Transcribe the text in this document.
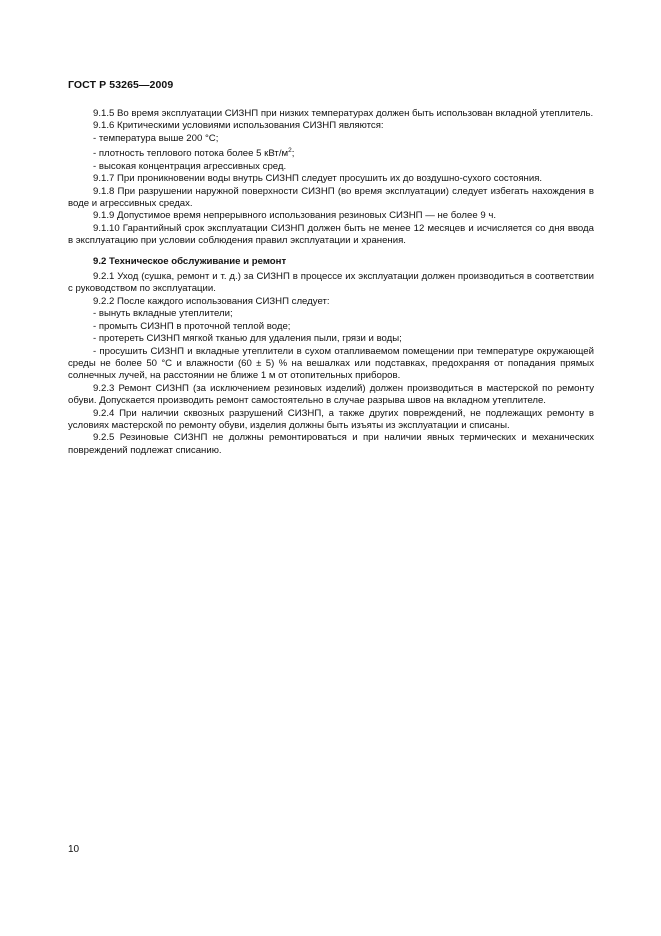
ГОСТ Р 53265—2009

9.1.5 Во время эксплуатации СИЗНП при низких температурах должен быть использован вкладной утеплитель.

9.1.6 Критическими условиями использования СИЗНП являются:

- температура выше 200 °C;

- плотность теплового потока более 5 кВт/$м^2$;

- высокая концентрация агрессивных сред.

9.1.7 При проникновении воды внутрь СИЗНП следует просушить их до воздушно-сухого состояния.

9.1.8 При разрушении наружной поверхности СИЗНП (во время эксплуатации) следует избегать нахождения в воде и агрессивных средах.

9.1.9 Допустимое время непрерывного использования резиновых СИЗНП — не более 9 ч.

9.1.10 Гарантийный срок эксплуатации СИЗНП должен быть не менее 12 месяцев и исчисляется со дня ввода в эксплуатацию при условии соблюдения правил эксплуатации и хранения.

9.2 Техническое обслуживание и ремонт

9.2.1 Уход (сушка, ремонт и т. д.) за СИЗНП в процессе их эксплуатации должен производиться в соответствии с руководством по эксплуатации.

9.2.2 После каждого использования СИЗНП следует:

- вынуть вкладные утеплители;

- промыть СИЗНП в проточной теплой воде;

- протереть СИЗНП мягкой тканью для удаления пыли, грязи и воды;

- просушить СИЗНП и вкладные утеплители в сухом отапливаемом помещении при температуре окружающей среды не более 50 °C и влажности (60 ± 5) % на вешалках или подставках, предохраняя от попадания прямых солнечных лучей, на расстоянии не ближе 1 м от отопительных приборов.

9.2.3 Ремонт СИЗНП (за исключением резиновых изделий) должен производиться в мастерской по ремонту обуви. Допускается производить ремонт самостоятельно в случае разрыва швов на вкладном утеплителе.

9.2.4 При наличии сквозных разрушений СИЗНП, а также других повреждений, не подлежащих ремонту в условиях мастерской по ремонту обуви, изделия должны быть изъяты из эксплуатации и списаны.

9.2.5 Резиновые СИЗНП не должны ремонтироваться и при наличии явных термических и механических повреждений подлежат списанию.

10
